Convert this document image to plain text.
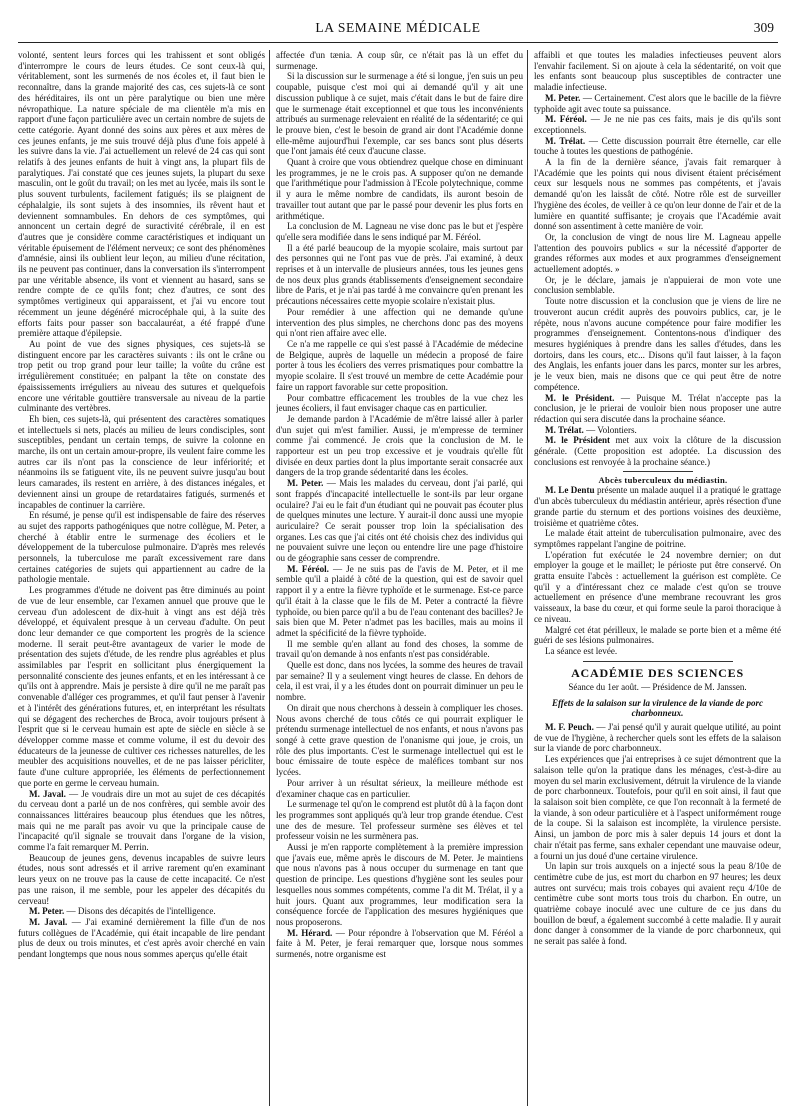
LA SEMAINE MÉDICALE	309

volonté, sentent leurs forces qui les trahissent et sont obligés d'interrompre le cours de leurs études. Ce sont ceux-là qui, véritablement, sont les surmenés de nos écoles et, il faut bien le reconnaître, dans la grande majorité des cas, ces sujets-là ce sont des héréditaires, ils ont un père paralytique ou bien une mère névropathique. La nature spéciale de ma clientèle m'a mis en rapport d'une façon particulière avec un certain nombre de sujets de cette catégorie. Ayant donné des soins aux pères et aux mères de ces jeunes enfants, je me suis trouvé déjà plus d'une fois appelé à les suivre dans la vie. J'ai actuellement un relevé de 24 cas qui sont relatifs à des jeunes enfants de huit à vingt ans, la plupart fils de paralytiques. J'ai constaté que ces jeunes sujets, la plupart du sexe masculin, ont le goût du travail; on les met au lycée, mais ils sont le plus souvent turbulents, facilement fatigués; ils se plaignent de céphalalgie, ils sont sujets à des insomnies, ils rêvent haut et deviennent somnambules. En dehors de ces symptômes, qui annoncent un certain degré de suractivité cérébrale, il en est d'autres que je considère comme caractéristiques et indiquant un véritable épuisement de l'élément nerveux; ce sont des phénomènes d'amnésie, ainsi ils oublient leur leçon, au milieu d'une récitation, ils ne peuvent pas continuer, dans la conversation ils s'interrompent par une véritable absence, ils vont et viennent au hasard, sans se rendre compte de ce qu'ils font; chez d'autres, ce sont des symptômes vertigineux qui apparaissent, et j'ai vu encore tout récemment un jeune dégénéré microcéphale qui, à la suite des efforts faits pour passer son baccalauréat, a été frappé d'une première attaque d'épilepsie.

Au point de vue des signes physiques, ces sujets-là se distinguent encore par les caractères suivants : ils ont le crâne ou trop petit ou trop grand pour leur taille; la voûte du crâne est irrégulièrement constituée; en palpant la tête on constate des épaississements irréguliers au niveau des sutures et quelquefois encore une véritable gouttière transversale au niveau de la partie culminante des vertèbres.

Eh bien, ces sujets-là, qui présentent des caractères somatiques et intellectuels si nets, placés au milieu de leurs condisciples, sont susceptibles, pendant un certain temps, de suivre la colonne en marche, ils ont un certain amour-propre, ils veulent faire comme les autres car ils n'ont pas la conscience de leur infériorité; et néanmoins ils se fatiguent vite, ils ne peuvent suivre jusqu'au bout leurs camarades, ils restent en arrière, à des distances inégales, et deviennent ainsi un groupe de retardataires fatigués, surmenés et incapables de continuer la carrière.

En résumé, je pense qu'il est indispensable de faire des réserves au sujet des rapports pathogéniques que notre collègue, M. Peter, a cherché à établir entre le surmenage des écoliers et le développement de la tuberculose pulmonaire. D'après mes relevés personnels, la tuberculose me paraît excessivement rare dans certaines catégories de sujets qui appartiennent au cadre de la pathologie mentale.

Les programmes d'étude ne doivent pas être diminués au point de vue de leur ensemble, car l'examen annuel que prouve que le cerveau d'un adolescent de dix-huit à vingt ans est déjà très développé, et équivalent presque à un cerveau d'adulte. On peut donc leur demander ce que comportent les progrès de la science moderne. Il serait peut-être avantageux de varier le mode de présentation des sujets d'étude, de les rendre plus agréables et plus assimilables par l'esprit en sollicitant plus énergiquement la personnalité consciente des jeunes enfants, et en les intéressant à ce qu'ils ont à apprendre. Mais je persiste à dire qu'il ne me paraît pas convenable d'alléger ces programmes, et qu'il faut penser à l'avenir et à l'intérêt des générations futures, et, en interprétant les résultats qui se dégagent des recherches de Broca, avoir toujours présent à l'esprit que si le cerveau humain est apte de siècle en siècle à se développer comme masse et comme volume, il est du devoir des éducateurs de la jeunesse de cultiver ces richesses naturelles, de les meubler des acquisitions nouvelles, et de ne pas laisser péricliter, faute d'une culture appropriée, les éléments de perfectionnement que porte en germe le cerveau humain.

M. Javal. — Je voudrais dire un mot au sujet de ces décapités du cerveau dont a parlé un de nos confrères, qui semble avoir des connaissances littéraires beaucoup plus étendues que les nôtres, mais qui ne me paraît pas avoir vu que la principale cause de l'incapacité qu'il signale se trouvait dans l'organe de la vision, comme l'a fait remarquer M. Perrin.

Beaucoup de jeunes gens, devenus incapables de suivre leurs études, nous sont adressés et il arrive rarement qu'en examinant leurs yeux on ne trouve pas la cause de cette incapacité. Ce n'est pas une raison, il me semble, pour les appeler des décapités du cerveau!

M. Peter. — Disons des décapités de l'intelligence.

M. Javal. — J'ai examiné dernièrement la fille d'un de nos futurs collègues de l'Académie, qui était incapable de lire pendant plus de deux ou trois minutes, et c'est après avoir cherché en vain pendant longtemps que nous nous sommes aperçus qu'elle était

affectée d'un tænia. A coup sûr, ce n'était pas là un effet du surmenage.

Si la discussion sur le surmenage a été si longue, j'en suis un peu coupable, puisque c'est moi qui ai demandé qu'il y ait une discussion publique à ce sujet, mais c'était dans le but de faire dire que le surmenage était exceptionnel et que tous les inconvénients attribués au surmenage relevaient en réalité de la sédentarité; ce qui le prouve bien, c'est le besoin de grand air dont l'Académie donne elle-même aujourd'hui l'exemple, car ses bancs sont plus déserts que l'ont jamais été ceux d'aucune classe.

Quant à croire que vous obtiendrez quelque chose en diminuant les programmes, je ne le crois pas. A supposer qu'on ne demande que l'arithmétique pour l'admission à l'Ecole polytechnique, comme il y aura le même nombre de candidats, ils auront besoin de travailler tout autant que par le passé pour devenir les plus forts en arithmétique.

La conclusion de M. Lagneau ne vise donc pas le but et j'espère qu'elle sera modifiée dans le sens indiqué par M. Féréol.

Il a été parlé beaucoup de la myopie scolaire, mais surtout par des personnes qui ne l'ont pas vue de près. J'ai examiné, à deux reprises et à un intervalle de plusieurs années, tous les jeunes gens de nos deux plus grands établissements d'enseignement secondaire libre de Paris, et je n'ai pas tardé à me convaincre qu'en prenant les précautions nécessaires cette myopie scolaire n'existait plus.

Pour remédier à une affection qui ne demande qu'une intervention des plus simples, ne cherchons donc pas des moyens qui n'ont rien affaire avec elle.

Ce n'a me rappelle ce qui s'est passé à l'Académie de médecine de Belgique, auprès de laquelle un médecin a proposé de faire porter à tous les écoliers des verres prismatiques pour combattre la myopie scolaire. Il s'est trouvé un membre de cette Académie pour faire un rapport favorable sur cette proposition.

Pour combattre efficacement les troubles de la vue chez les jeunes écoliers, il faut envisager chaque cas en particulier.

Je demande pardon à l'Académie de m'être laissé aller à parler d'un sujet qui m'est familier. Aussi, je m'empresse de terminer comme j'ai commencé. Je crois que la conclusion de M. le rapporteur est un peu trop excessive et je voudrais qu'elle fût divisée en deux parties dont la plus importante serait consacrée aux dangers de la trop grande sédentarité dans les écoles.

M. Peter. — Mais les malades du cerveau, dont j'ai parlé, qui sont frappés d'incapacité intellectuelle le sont-ils par leur organe oculaire? J'ai eu le fait d'un étudiant qui ne pouvait pas écouter plus de quelques minutes une lecture. Y aurait-il donc aussi une myopie auriculaire? Ce serait pousser trop loin la spécialisation des organes. Les cas que j'ai cités ont été choisis chez des individus qui ne pouvaient suivre une leçon ou entendre lire une page d'histoire ou de géographie sans cesser de comprendre.

M. Féréol. — Je ne suis pas de l'avis de M. Peter, et il me semble qu'il a plaidé à côté de la question, qui est de savoir quel rapport il y a entre la fièvre typhoïde et le surmenage. Est-ce parce qu'il était à la classe que le fils de M. Peter a contracté la fièvre typhoïde, ou bien parce qu'il a bu de l'eau contenant des bacilles? Je sais bien que M. Peter n'admet pas les bacilles, mais au moins il admet la spécificité de la fièvre typhoïde.

Il me semble qu'en allant au fond des choses, la somme de travail qu'on demande à nos enfants n'est pas considérable.

Quelle est donc, dans nos lycées, la somme des heures de travail par semaine? Il y a seulement vingt heures de classe. En dehors de cela, il est vrai, il y a les études dont on pourrait diminuer un peu le nombre.

On dirait que nous cherchons à dessein à compliquer les choses. Nous avons cherché de tous côtés ce qui pourrait expliquer le prétendu surmenage intellectuel de nos enfants, et nous n'avons pas songé à cette grave question de l'onanisme qui joue, je crois, un rôle des plus importants. C'est le surmenage intellectuel qui est le bouc émissaire de toute espèce de maléfices tombant sur nos lycées.

Pour arriver à un résultat sérieux, la meilleure méthode est d'examiner chaque cas en particulier.

Le surmenage tel qu'on le comprend est plutôt dû à la façon dont les programmes sont appliqués qu'à leur trop grande étendue. C'est une des de mesure. Tel professeur surmène ses élèves et tel professeur voisin ne les surmènera pas.

Aussi je m'en rapporte complètement à la première impression que j'avais eue, même après le discours de M. Peter. Je maintiens que nous n'avons pas à nous occuper du surmenage en tant que question de principe. Les questions d'hygiène sont les seules pour lesquelles nous sommes compétents, comme l'a dit M. Trélat, il y a huit jours. Quant aux programmes, leur modification sera la conséquence forcée de l'application des mesures hygiéniques que nous proposerons.

M. Hérard. — Pour répondre à l'observation que M. Féréol a faite à M. Peter, je ferai remarquer que, lorsque nous sommes surmenés, notre organisme est

affaibli et que toutes les maladies infectieuses peuvent alors l'envahir facilement. Si on ajoute à cela la sédentarité, on voit que les enfants sont beaucoup plus susceptibles de contracter une maladie infectieuse.

M. Peter. — Certainement. C'est alors que le bacille de la fièvre typhoïde agit avec toute sa puissance.

M. Féréol. — Je ne nie pas ces faits, mais je dis qu'ils sont exceptionnels.

M. Trélat. — Cette discussion pourrait être éternelle, car elle touche à toutes les questions de pathogénie.

A la fin de la dernière séance, j'avais fait remarquer à l'Académie que les points qui nous divisent étaient précisément ceux sur lesquels nous ne sommes pas compétents, et j'avais demandé qu'on les laissât de côté. Notre rôle est de surveiller l'hygiène des écoles, de veiller à ce qu'on leur donne de l'air et de la lumière en quantité suffisante; je croyais que l'Académie avait donné son assentiment à cette manière de voir.

Or, la conclusion de vingt de nous lire M. Lagneau appelle l'attention des pouvoirs publics « sur la nécessité d'apporter de grandes réformes aux modes et aux programmes d'enseignement actuellement adoptés. »

Or, je le déclare, jamais je n'appuierai de mon vote une conclusion semblable.

Toute notre discussion et la conclusion que je viens de lire ne trouveront aucun crédit auprès des pouvoirs publics, car, je le répète, nous n'avons aucune compétence pour faire modifier les programmes d'enseignement. Contentons-nous d'indiquer des mesures hygiéniques à prendre dans les salles d'études, dans les dortoirs, dans les cours, etc... Disons qu'il faut laisser, à la façon des Anglais, les enfants jouer dans les parcs, monter sur les arbres, je le veux bien, mais ne disons que ce qui peut être de notre compétence.

M. le Président. — Puisque M. Trélat n'accepte pas la conclusion, je le prierai de vouloir bien nous proposer une autre rédaction qui sera discutée dans la prochaine séance.

M. Trélat. — Volontiers.

M. le Président met aux voix la clôture de la discussion générale. (Cette proposition est adoptée. La discussion des conclusions est renvoyée à la prochaine séance.)

Abcès tuberculeux du médiastin.

M. Le Dentu présente un malade auquel il a pratiqué le grattage d'un abcès tuberculeux du médiastin antérieur, après résection d'une grande partie du sternum et des portions voisines des deuxième, troisième et quatrième côtes.

Le malade était atteint de tuberculisation pulmonaire, avec des symptômes rappelant l'angine de poitrine.

L'opération fut exécutée le 24 novembre dernier; on dut employer la gouge et le maillet; le périoste put être conservé. On gratta ensuite l'abcès : actuellement la guérison est complète. Ce qu'il y a d'intéressant chez ce malade c'est qu'on se trouve actuellement en présence d'une membrane recouvrant les gros vaisseaux, la base du cœur, et qui forme seule la paroi thoracique à ce niveau.

Malgré cet état périlleux, le malade se porte bien et a même été guéri de ses lésions pulmonaires.

La séance est levée.

ACADÉMIE DES SCIENCES
Séance du 1er août. — Présidence de M. Janssen.
Effets de la salaison sur la virulence de la viande de porc charbonneux.

M. F. Peuch. — J'ai pensé qu'il y aurait quelque utilité, au point de vue de l'hygiène, à rechercher quels sont les effets de la salaison sur la viande de porc charbonneux.

Les expériences que j'ai entreprises à ce sujet démontrent que la salaison telle qu'on la pratique dans les ménages, c'est-à-dire au moyen du sel marin exclusivement, détruit la virulence de la viande de porc charbonneux. Toutefois, pour qu'il en soit ainsi, il faut que la salaison soit bien complète, ce que l'on reconnaît à la fermeté de la viande, à son odeur particulière et à l'aspect uniformément rouge de la coupe. Si la salaison est incomplète, la virulence persiste. Ainsi, un jambon de porc mis à saler depuis 14 jours et dont la chair n'était pas ferme, sans exhaler cependant une mauvaise odeur, a fourni un jus doué d'une certaine virulence.

Un lapin sur trois auxquels on a injecté sous la peau 8/10e de centimètre cube de jus, est mort du charbon en 97 heures; les deux autres ont survécu; mais trois cobayes qui avaient reçu 4/10e de centimètre cube sont morts tous trois du charbon. En outre, un quatrième cobaye inoculé avec une culture de ce jus dans du bouillon de bœuf, a également succombé à cette maladie. Il y aurait donc danger à consommer de la viande de porc charbonneux, qui ne serait pas salée à fond.
